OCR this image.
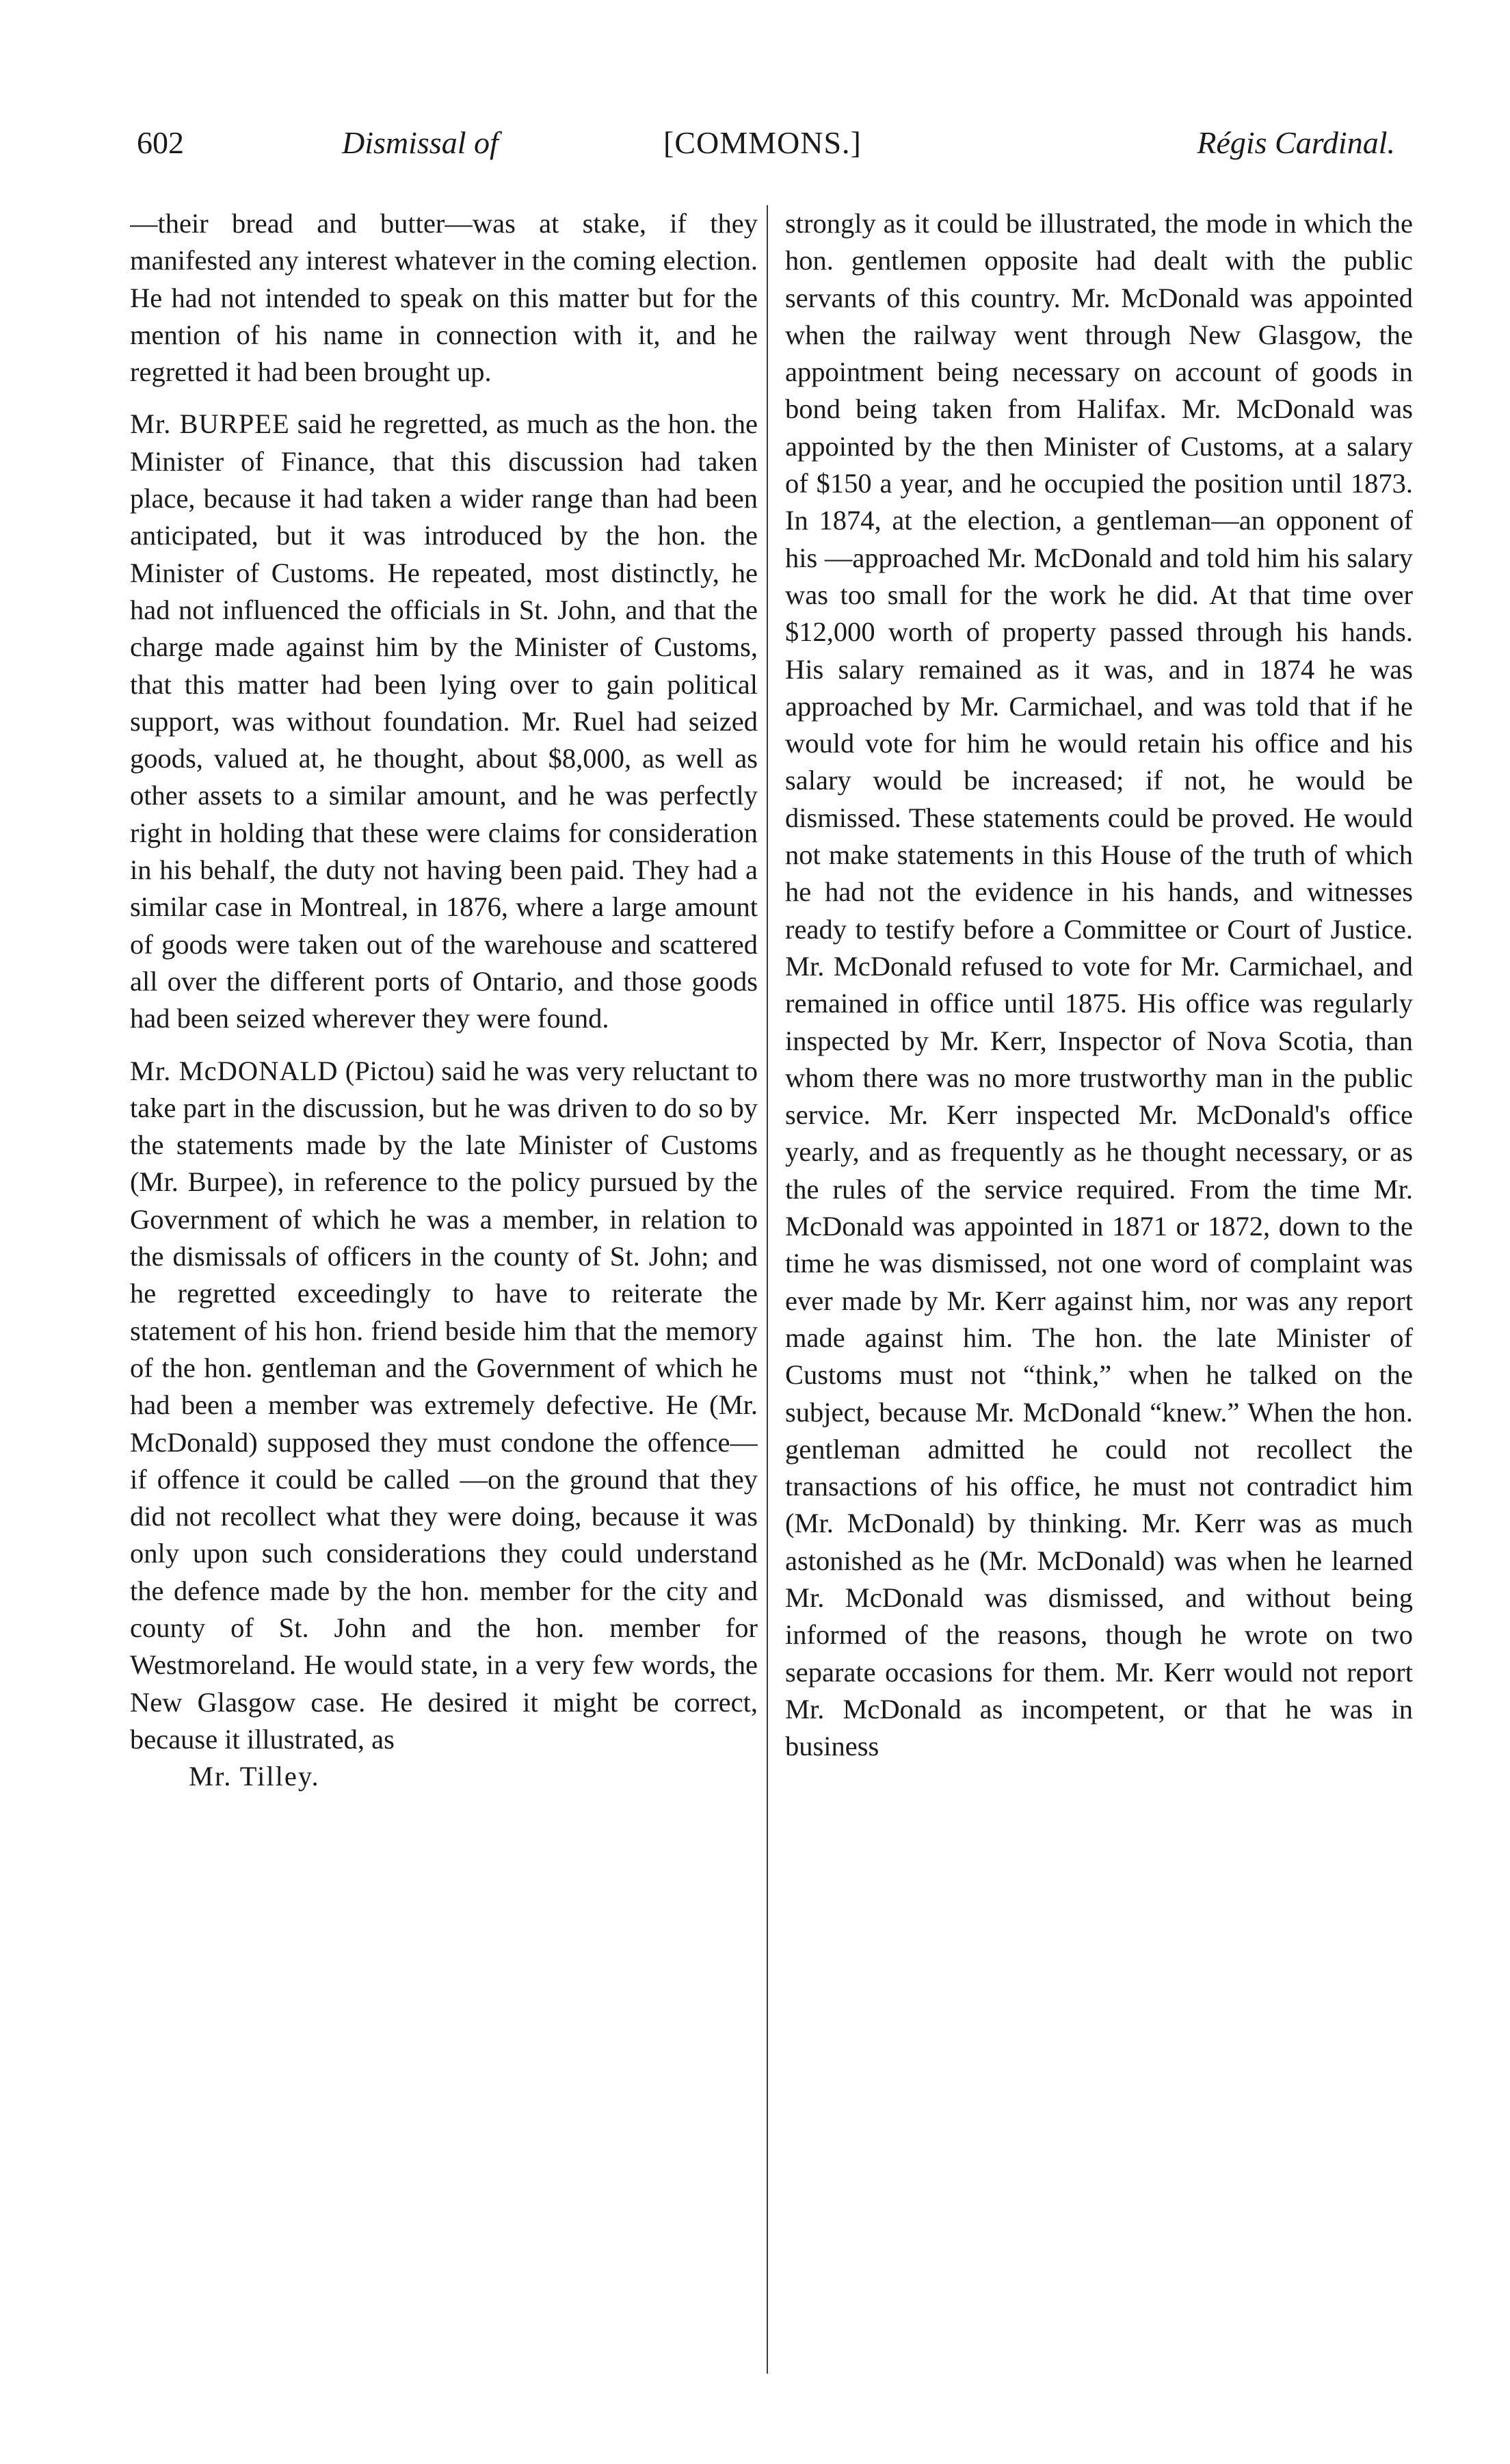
602	Dismissal of	[COMMONS.]	Régis Cardinal.

—their bread and butter—was at stake, if they manifested any interest whatever in the coming election. He had not intended to speak on this matter but for the mention of his name in connection with it, and he regretted it had been brought up.

Mr. BURPEE said he regretted, as much as the hon. the Minister of Finance, that this discussion had taken place, because it had taken a wider range than had been anticipated, but it was introduced by the hon. the Minister of Customs. He repeated, most distinctly, he had not influenced the officials in St. John, and that the charge made against him by the Minister of Customs, that this matter had been lying over to gain political support, was without foundation. Mr. Ruel had seized goods, valued at, he thought, about $8,000, as well as other assets to a similar amount, and he was perfectly right in holding that these were claims for consideration in his behalf, the duty not having been paid. They had a similar case in Montreal, in 1876, where a large amount of goods were taken out of the warehouse and scattered all over the different ports of Ontario, and those goods had been seized wherever they were found.

Mr. McDONALD (Pictou) said he was very reluctant to take part in the discussion, but he was driven to do so by the statements made by the late Minister of Customs (Mr. Burpee), in reference to the policy pursued by the Government of which he was a member, in relation to the dismissals of officers in the county of St. John; and he regretted exceedingly to have to reiterate the statement of his hon. friend beside him that the memory of the hon. gentleman and the Government of which he had been a member was extremely defective. He (Mr. McDonald) supposed they must condone the offence—if offence it could be called —on the ground that they did not recollect what they were doing, because it was only upon such considerations they could understand the defence made by the hon. member for the city and county of St. John and the hon. member for Westmoreland. He would state, in a very few words, the New Glasgow case. He desired it might be correct, because it illustrated, as

Mr. Tilley.

strongly as it could be illustrated, the mode in which the hon. gentlemen opposite had dealt with the public servants of this country. Mr. McDonald was appointed when the railway went through New Glasgow, the appointment being necessary on account of goods in bond being taken from Halifax. Mr. McDonald was appointed by the then Minister of Customs, at a salary of $150 a year, and he occupied the position until 1873. In 1874, at the election, a gentleman—an opponent of his —approached Mr. McDonald and told him his salary was too small for the work he did. At that time over $12,000 worth of property passed through his hands. His salary remained as it was, and in 1874 he was approached by Mr. Carmichael, and was told that if he would vote for him he would retain his office and his salary would be increased; if not, he would be dismissed. These statements could be proved. He would not make statements in this House of the truth of which he had not the evidence in his hands, and witnesses ready to testify before a Committee or Court of Justice. Mr. McDonald refused to vote for Mr. Carmichael, and remained in office until 1875. His office was regularly inspected by Mr. Kerr, Inspector of Nova Scotia, than whom there was no more trustworthy man in the public service. Mr. Kerr inspected Mr. McDonald's office yearly, and as frequently as he thought necessary, or as the rules of the service required. From the time Mr. McDonald was appointed in 1871 or 1872, down to the time he was dismissed, not one word of complaint was ever made by Mr. Kerr against him, nor was any report made against him. The hon. the late Minister of Customs must not “think,” when he talked on the subject, because Mr. McDonald “knew.” When the hon. gentleman admitted he could not recollect the transactions of his office, he must not contradict him (Mr. McDonald) by thinking. Mr. Kerr was as much astonished as he (Mr. McDonald) was when he learned Mr. McDonald was dismissed, and without being informed of the reasons, though he wrote on two separate occasions for them. Mr. Kerr would not report Mr. McDonald as incompetent, or that he was in business
